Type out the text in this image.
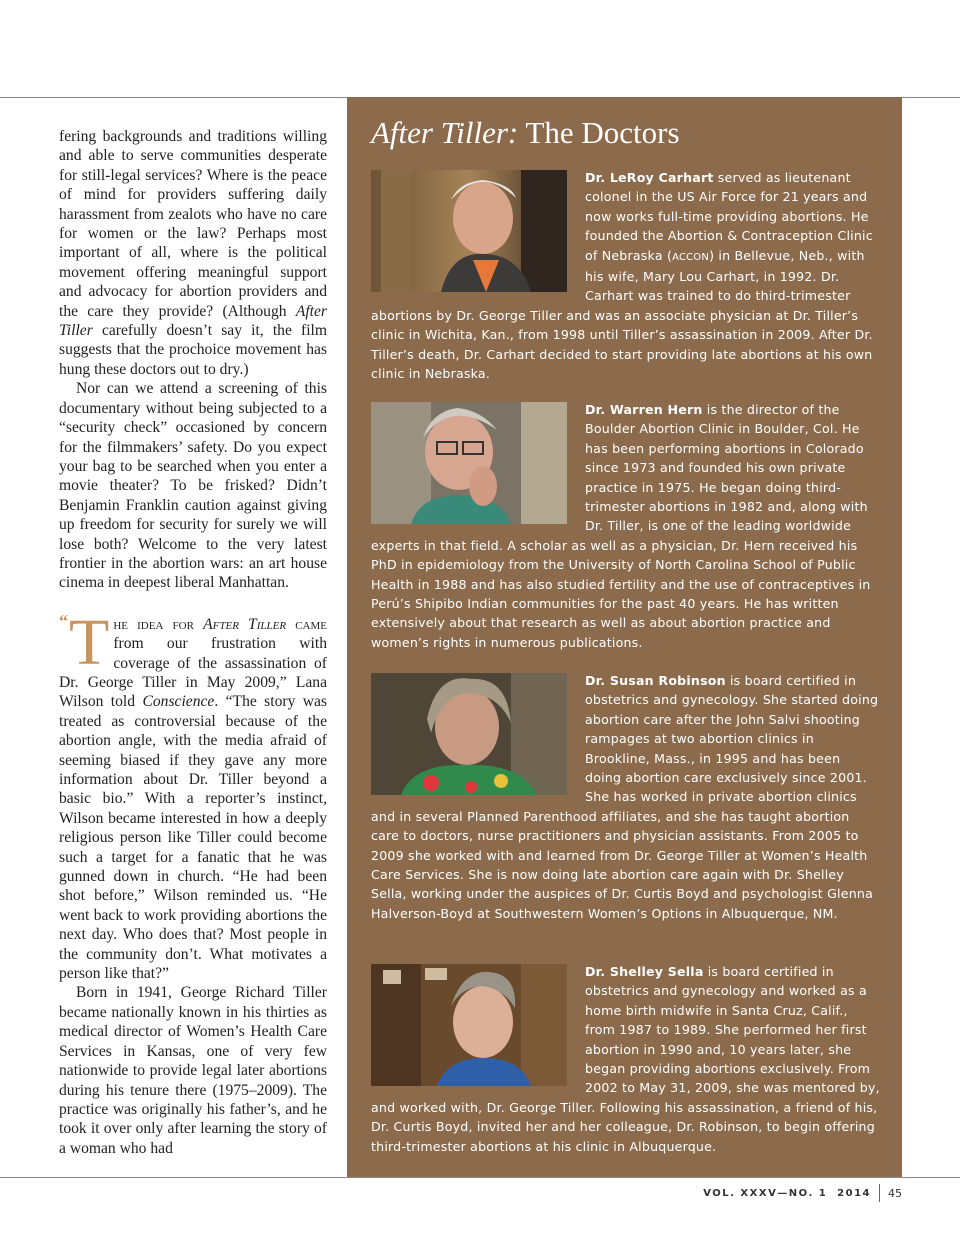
fering backgrounds and traditions willing and able to serve communities desperate for still-legal services? Where is the peace of mind for providers suffering daily harassment from zealots who have no care for women or the law? Perhaps most important of all, where is the political movement offering meaningful support and advocacy for abortion providers and the care they provide? (Although After Tiller carefully doesn’t say it, the film suggests that the prochoice movement has hung these doctors out to dry.)

Nor can we attend a screening of this documentary without being subjected to a “security check” occasioned by concern for the filmmakers’ safety. Do you expect your bag to be searched when you enter a movie theater? To be frisked? Didn’t Benjamin Franklin caution against giving up freedom for security for surely we will lose both? Welcome to the very latest frontier in the abortion wars: an art house cinema in deepest liberal Manhattan.

“ T he idea for After Tiller came from our frustration with coverage of the assassination of Dr. George Tiller in May 2009,” Lana Wilson told Conscience. “The story was treated as controversial because of the abortion angle, with the media afraid of seeming biased if they gave any more information about Dr. Tiller beyond a basic bio.” With a reporter’s instinct, Wilson became interested in how a deeply religious person like Tiller could become such a target for a fanatic that he was gunned down in church. “He had been shot before,” Wilson reminded us. “He went back to work providing abortions the next day. Who does that? Most people in the community don’t. What motivates a person like that?”

Born in 1941, George Richard Tiller became nationally known in his thirties as medical director of Women’s Health Care Services in Kansas, one of very few nationwide to provide legal later abortions during his tenure there (1975–2009). The practice was originally his father’s, and he took it over only after learning the story of a woman who had

After Tiller: The Doctors
Dr. LeRoy Carhart served as lieutenant colonel in the US Air Force for 21 years and now works full-time providing abortions. He founded the Abortion & Contraception Clinic of Nebraska (ACCON) in Bellevue, Neb., with his wife, Mary Lou Carhart, in 1992. Dr. Carhart was trained to do third-trimester abortions by Dr. George Tiller and was an associate physician at Dr. Tiller’s clinic in Wichita, Kan., from 1998 until Tiller’s assassination in 2009. After Dr. Tiller’s death, Dr. Carhart decided to start providing late abortions at his own clinic in Nebraska.
Dr. Warren Hern is the director of the Boulder Abortion Clinic in Boulder, Col. He has been performing abortions in Colorado since 1973 and founded his own private practice in 1975. He began doing third-trimester abortions in 1982 and, along with Dr. Tiller, is one of the leading worldwide experts in that field. A scholar as well as a physician, Dr. Hern received his PhD in epidemiology from the University of North Carolina School of Public Health in 1988 and has also studied fertility and the use of contraceptives in Perú’s Shipibo Indian communities for the past 40 years. He has written extensively about that research as well as about abortion practice and women’s rights in numerous publications.
Dr. Susan Robinson is board certified in obstetrics and gynecology. She started doing abortion care after the John Salvi shooting rampages at two abortion clinics in Brookline, Mass., in 1995 and has been doing abortion care exclusively since 2001. She has worked in private abortion clinics and in several Planned Parenthood affiliates, and she has taught abortion care to doctors, nurse practitioners and physician assistants. From 2005 to 2009 she worked with and learned from Dr. George Tiller at Women’s Health Care Services. She is now doing late abortion care again with Dr. Shelley Sella, working under the auspices of Dr. Curtis Boyd and psychologist Glenna Halverson-Boyd at Southwestern Women’s Options in Albuquerque, NM.
Dr. Shelley Sella is board certified in obstetrics and gynecology and worked as a home birth midwife in Santa Cruz, Calif., from 1987 to 1989. She performed her first abortion in 1990 and, 10 years later, she began providing abortions exclusively. From 2002 to May 31, 2009, she was mentored by, and worked with, Dr. George Tiller. Following his assassination, a friend of his, Dr. Curtis Boyd, invited her and her colleague, Dr. Robinson, to begin offering third-trimester abortions at his clinic in Albuquerque.
VOL. XXXV—NO. 1  2014 45
